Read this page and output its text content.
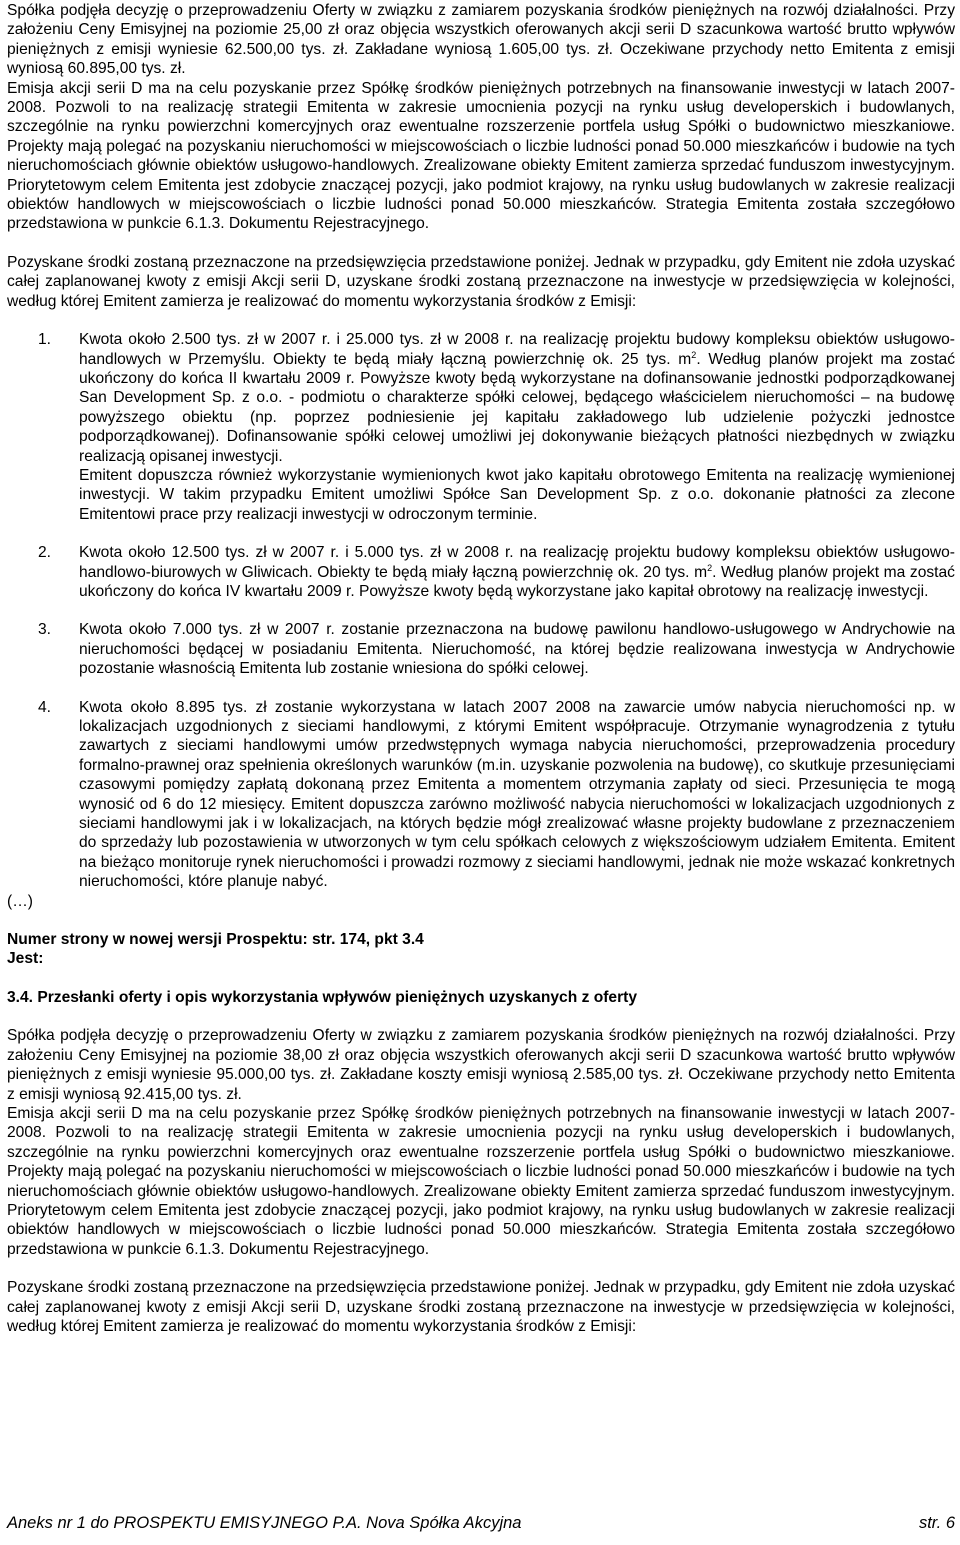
Spółka podjęła decyzję o przeprowadzeniu Oferty w związku z zamiarem pozyskania środków pieniężnych na rozwój działalności. Przy założeniu Ceny Emisyjnej na poziomie 25,00 zł oraz objęcia wszystkich oferowanych akcji serii D szacunkowa wartość brutto wpływów pieniężnych z emisji wyniesie 62.500,00 tys. zł. Zakładane wyniosą 1.605,00 tys. zł. Oczekiwane przychody netto Emitenta z emisji wyniosą 60.895,00 tys. zł.

Emisja akcji serii D ma na celu pozyskanie przez Spółkę środków pieniężnych potrzebnych na finansowanie inwestycji w latach 2007-2008. Pozwoli to na realizację strategii Emitenta w zakresie umocnienia pozycji na rynku usług developerskich i budowlanych, szczególnie na rynku powierzchni komercyjnych oraz ewentualne rozszerzenie portfela usług Spółki o budownictwo mieszkaniowe. Projekty mają polegać na pozyskaniu nieruchomości w miejscowościach o liczbie ludności ponad 50.000 mieszkańców i budowie na tych nieruchomościach głównie obiektów usługowo-handlowych. Zrealizowane obiekty Emitent zamierza sprzedać funduszom inwestycyjnym. Priorytetowym celem Emitenta jest zdobycie znaczącej pozycji, jako podmiot krajowy, na rynku usług budowlanych w zakresie realizacji obiektów handlowych w miejscowościach o liczbie ludności ponad 50.000 mieszkańców. Strategia Emitenta została szczegółowo przedstawiona w punkcie 6.1.3. Dokumentu Rejestracyjnego.

Pozyskane środki zostaną przeznaczone na przedsięwzięcia przedstawione poniżej. Jednak w przypadku, gdy Emitent nie zdoła uzyskać całej zaplanowanej kwoty z emisji Akcji serii D, uzyskane środki zostaną przeznaczone na inwestycje w przedsięwzięcia w kolejności, według której Emitent zamierza je realizować do momentu wykorzystania środków z Emisji:

1. Kwota około 2.500 tys. zł w 2007 r. i 25.000 tys. zł w 2008 r. na realizację projektu budowy kompleksu obiektów usługowo-handlowych w Przemyślu. Obiekty te będą miały łączną powierzchnię ok. 25 tys. $m^2$. Według planów projekt ma zostać ukończony do końca II kwartału 2009 r. Powyższe kwoty będą wykorzystane na dofinansowanie jednostki podporządkowanej San Development Sp. z o.o. - podmiotu o charakterze spółki celowej, będącego właścicielem nieruchomości – na budowę powyższego obiektu (np. poprzez podniesienie jej kapitału zakładowego lub udzielenie pożyczki jednostce podporządkowanej). Dofinansowanie spółki celowej umożliwi jej dokonywanie bieżących płatności niezbędnych w związku realizacją opisanej inwestycji.

Emitent dopuszcza również wykorzystanie wymienionych kwot jako kapitału obrotowego Emitenta na realizację wymienionej inwestycji. W takim przypadku Emitent umożliwi Spółce San Development Sp. z o.o. dokonanie płatności za zlecone Emitentowi prace przy realizacji inwestycji w odroczonym terminie.

2. Kwota około 12.500 tys. zł w 2007 r. i 5.000 tys. zł w 2008 r. na realizację projektu budowy kompleksu obiektów usługowo-handlowo-biurowych w Gliwicach. Obiekty te będą miały łączną powierzchnię ok. 20 tys. $m^2$. Według planów projekt ma zostać ukończony do końca IV kwartału 2009 r. Powyższe kwoty będą wykorzystane jako kapitał obrotowy na realizację inwestycji.

3. Kwota około 7.000 tys. zł w 2007 r. zostanie przeznaczona na budowę pawilonu handlowo-usługowego w Andrychowie na nieruchomości będącej w posiadaniu Emitenta. Nieruchomość, na której będzie realizowana inwestycja w Andrychowie pozostanie własnością Emitenta lub zostanie wniesiona do spółki celowej.

4. Kwota około 8.895 tys. zł zostanie wykorzystana w latach 2007 2008 na zawarcie umów nabycia nieruchomości np. w lokalizacjach uzgodnionych z sieciami handlowymi, z którymi Emitent współpracuje. Otrzymanie wynagrodzenia z tytułu zawartych z sieciami handlowymi umów przedwstępnych wymaga nabycia nieruchomości, przeprowadzenia procedury formalno-prawnej oraz spełnienia określonych warunków (m.in. uzyskanie pozwolenia na budowę), co skutkuje przesunięciami czasowymi pomiędzy zapłatą dokonaną przez Emitenta a momentem otrzymania zapłaty od sieci. Przesunięcia te mogą wynosić od 6 do 12 miesięcy. Emitent dopuszcza zarówno możliwość nabycia nieruchomości w lokalizacjach uzgodnionych z sieciami handlowymi jak i w lokalizacjach, na których będzie mógł zrealizować własne projekty budowlane z przeznaczeniem do sprzedaży lub pozostawienia w utworzonych w tym celu spółkach celowych z większościowym udziałem Emitenta. Emitent na bieżąco monitoruje rynek nieruchomości i prowadzi rozmowy z sieciami handlowymi, jednak nie może wskazać konkretnych nieruchomości, które planuje nabyć.

(…)

Numer strony w nowej wersji Prospektu: str. 174, pkt 3.4

Jest:

3.4. Przesłanki oferty i opis wykorzystania wpływów pieniężnych uzyskanych z oferty

Spółka podjęła decyzję o przeprowadzeniu Oferty w związku z zamiarem pozyskania środków pieniężnych na rozwój działalności. Przy założeniu Ceny Emisyjnej na poziomie 38,00 zł oraz objęcia wszystkich oferowanych akcji serii D szacunkowa wartość brutto wpływów pieniężnych z emisji wyniesie 95.000,00 tys. zł. Zakładane koszty emisji wyniosą 2.585,00 tys. zł. Oczekiwane przychody netto Emitenta z emisji wyniosą 92.415,00 tys. zł.

Emisja akcji serii D ma na celu pozyskanie przez Spółkę środków pieniężnych potrzebnych na finansowanie inwestycji w latach 2007-2008. Pozwoli to na realizację strategii Emitenta w zakresie umocnienia pozycji na rynku usług developerskich i budowlanych, szczególnie na rynku powierzchni komercyjnych oraz ewentualne rozszerzenie portfela usług Spółki o budownictwo mieszkaniowe. Projekty mają polegać na pozyskaniu nieruchomości w miejscowościach o liczbie ludności ponad 50.000 mieszkańców i budowie na tych nieruchomościach głównie obiektów usługowo-handlowych. Zrealizowane obiekty Emitent zamierza sprzedać funduszom inwestycyjnym. Priorytetowym celem Emitenta jest zdobycie znaczącej pozycji, jako podmiot krajowy, na rynku usług budowlanych w zakresie realizacji obiektów handlowych w miejscowościach o liczbie ludności ponad 50.000 mieszkańców. Strategia Emitenta została szczegółowo przedstawiona w punkcie 6.1.3. Dokumentu Rejestracyjnego.

Pozyskane środki zostaną przeznaczone na przedsięwzięcia przedstawione poniżej. Jednak w przypadku, gdy Emitent nie zdoła uzyskać całej zaplanowanej kwoty z emisji Akcji serii D, uzyskane środki zostaną przeznaczone na inwestycje w przedsięwzięcia w kolejności, według której Emitent zamierza je realizować do momentu wykorzystania środków z Emisji:

Aneks nr 1 do PROSPEKTU EMISYJNEGO P.A. Nova Spółka Akcyjna	str. 6
